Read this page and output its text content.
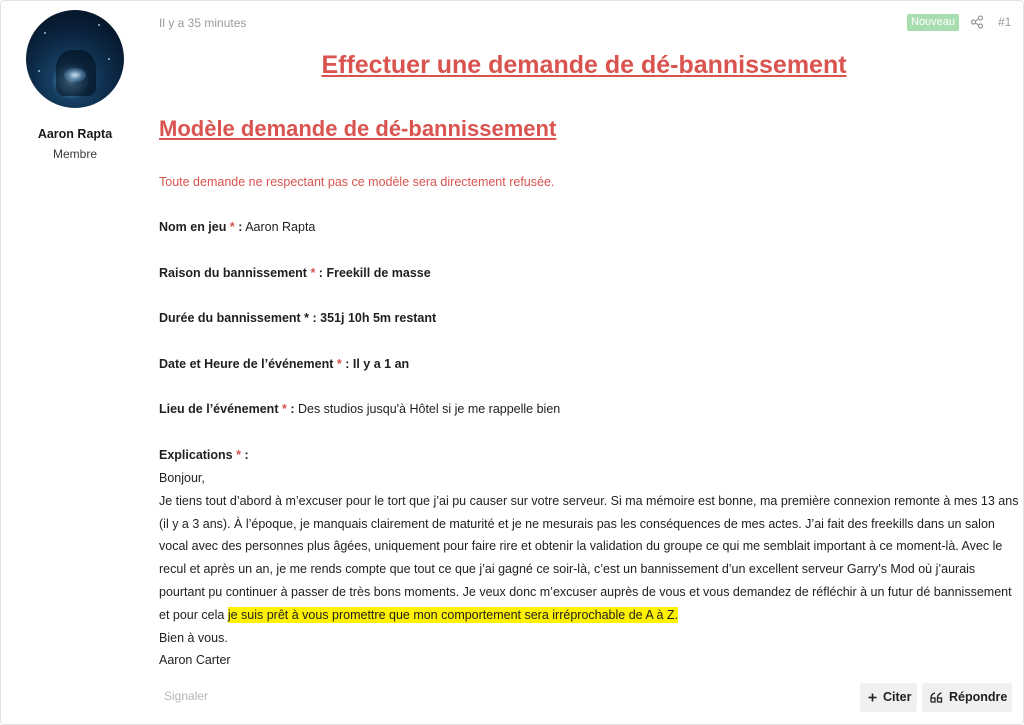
Aaron Rapta
Membre
Il y a 35 minutes	Nouveau	#1
Effectuer une demande de dé-bannissement
Modèle demande de dé-bannissement
Toute demande ne respectant pas ce modèle sera directement refusée.
Nom en jeu * : Aaron Rapta
Raison du bannissement * : Freekill de masse
Durée du bannissement * : 351j 10h 5m restant
Date et Heure de l’événement * : Il y a 1 an
Lieu de l’événement * : Des studios jusqu'à Hôtel si je me rappelle bien
Explications * :
Bonjour,
Je tiens tout d’abord à m’excuser pour le tort que j’ai pu causer sur votre serveur. Si ma mémoire est bonne, ma première connexion remonte à mes 13 ans (il y a 3 ans). À l’époque, je manquais clairement de maturité et je ne mesurais pas les conséquences de mes actes. J’ai fait des freekills dans un salon vocal avec des personnes plus âgées, uniquement pour faire rire et obtenir la validation du groupe ce qui me semblait important à ce moment-là. Avec le recul et après un an, je me rends compte que tout ce que j’ai gagné ce soir-là, c’est un bannissement d’un excellent serveur Garry’s Mod où j’aurais pourtant pu continuer à passer de très bons moments. Je veux donc m’excuser auprès de vous et vous demandez de réfléchir à un futur dé bannissement et pour cela je suis prêt à vous promettre que mon comportement sera irréprochable de A à Z.
Bien à vous.
Aaron Carter
Signaler	Citer	Répondre
